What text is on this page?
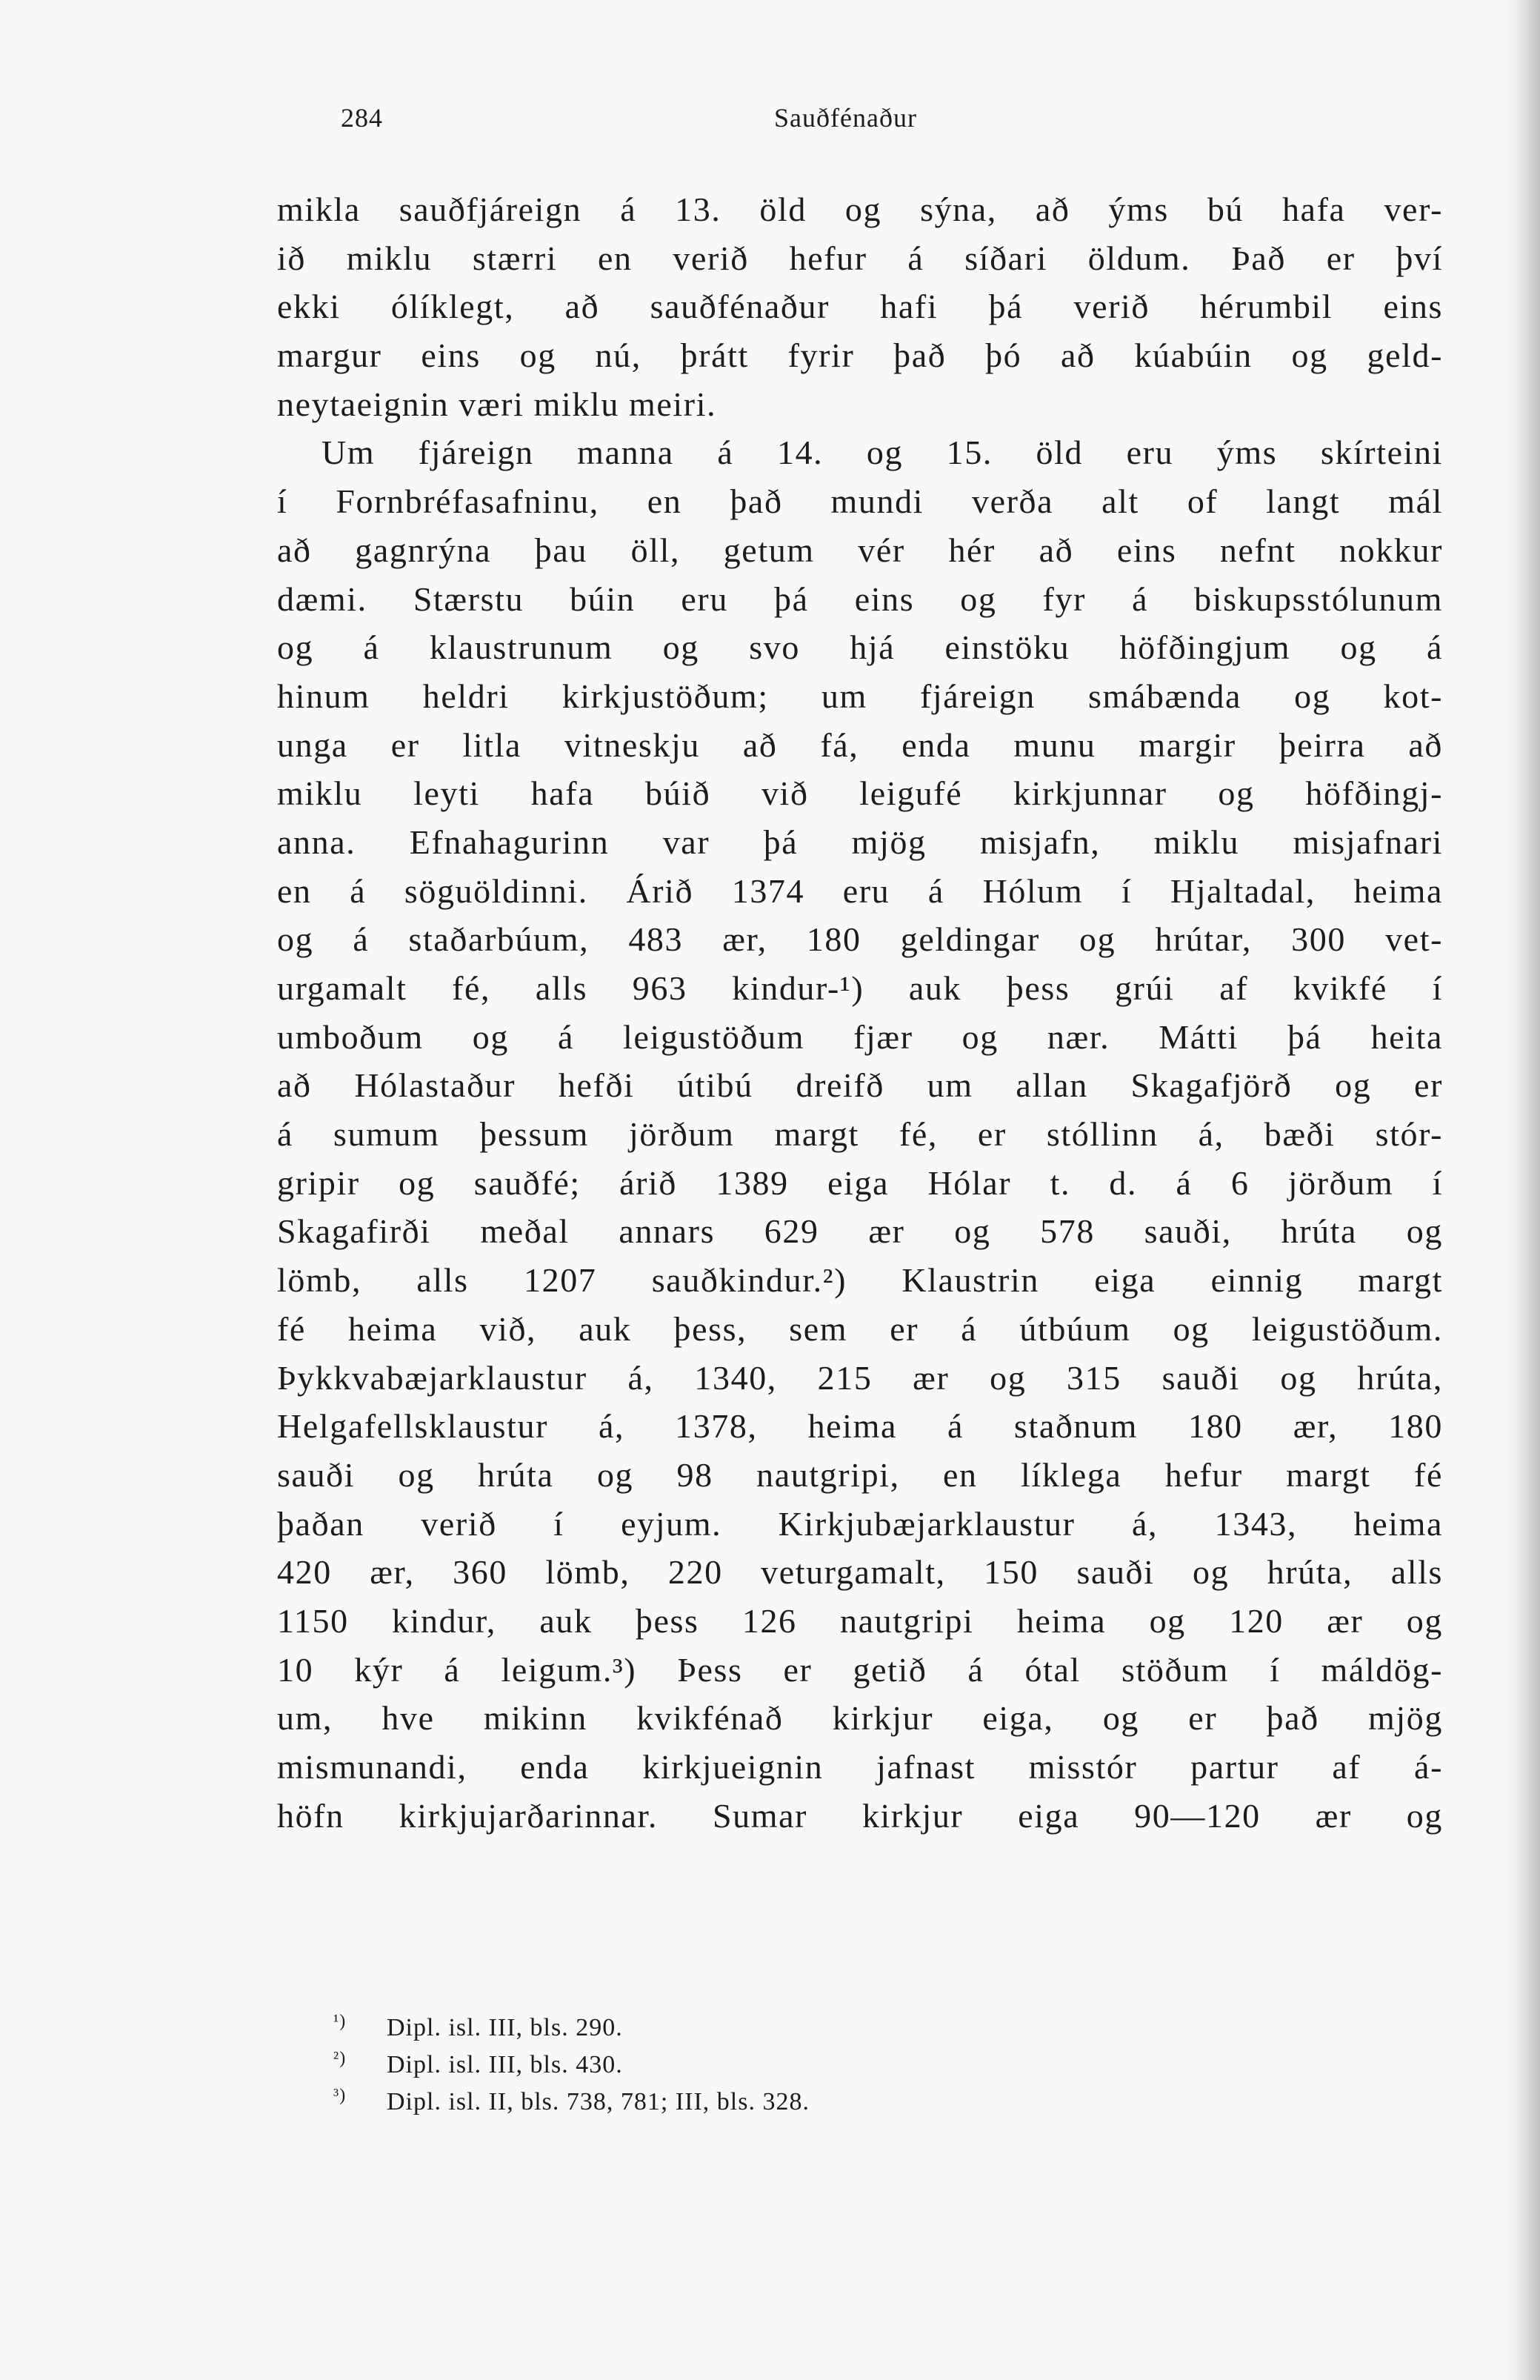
284	Sauðfénaður
mikla sauðfjáreign á 13. öld og sýna, að ýms bú hafa ver-
ið miklu stærri en verið hefur á síðari öldum. Það er því
ekki ólíklegt, að sauðfénaður hafi þá verið hérumbil eins
margur eins og nú, þrátt fyrir það þó að kúabúin og geld-
neytaeignin væri miklu meiri.
Um fjáreign manna á 14. og 15. öld eru ýms skírteini
í Fornbréfasafninu, en það mundi verða alt of langt mál
að gagnrýna þau öll, getum vér hér að eins nefnt nokkur
dæmi. Stærstu búin eru þá eins og fyr á biskupsstólunum
og á klaustrunum og svo hjá einstöku höfðingjum og á
hinum heldri kirkjustöðum; um fjáreign smábænda og kot-
unga er litla vitneskju að fá, enda munu margir þeirra að
miklu leyti hafa búið við leigufé kirkjunnar og höfðingj-
anna. Efnahagurinn var þá mjög misjafn, miklu misjafnari
en á söguöldinni. Árið 1374 eru á Hólum í Hjaltadal, heima
og á staðarbúum, 483 ær, 180 geldingar og hrútar, 300 vet-
urgamalt fé, alls 963 kindur-¹) auk þess grúi af kvikfé í
umboðum og á leigustöðum fjær og nær. Mátti þá heita
að Hólastaður hefði útibú dreifð um allan Skagafjörð og er
á sumum þessum jörðum margt fé, er stóllinn á, bæði stór-
gripir og sauðfé; árið 1389 eiga Hólar t. d. á 6 jörðum í
Skagafirði meðal annars 629 ær og 578 sauði, hrúta og
lömb, alls 1207 sauðkindur.²) Klaustrin eiga einnig margt
fé heima við, auk þess, sem er á útbúum og leigustöðum.
Þykkvabæjarklaustur á, 1340, 215 ær og 315 sauði og hrúta,
Helgafellsklaustur á, 1378, heima á staðnum 180 ær, 180
sauði og hrúta og 98 nautgripi, en líklega hefur margt fé
þaðan verið í eyjum. Kirkjubæjarklaustur á, 1343, heima
420 ær, 360 lömb, 220 veturgamalt, 150 sauði og hrúta, alls
1150 kindur, auk þess 126 nautgripi heima og 120 ær og
10 kýr á leigum.³) Þess er getið á ótal stöðum í máldög-
um, hve mikinn kvikfénað kirkjur eiga, og er það mjög
mismunandi, enda kirkjueignin jafnast misstór partur af á-
höfn kirkjujarðarinnar. Sumar kirkjur eiga 90—120 ær og
¹) Dipl. isl. III, bls. 290.
²) Dipl. isl. III, bls. 430.
³) Dipl. isl. II, bls. 738, 781; III, bls. 328.
